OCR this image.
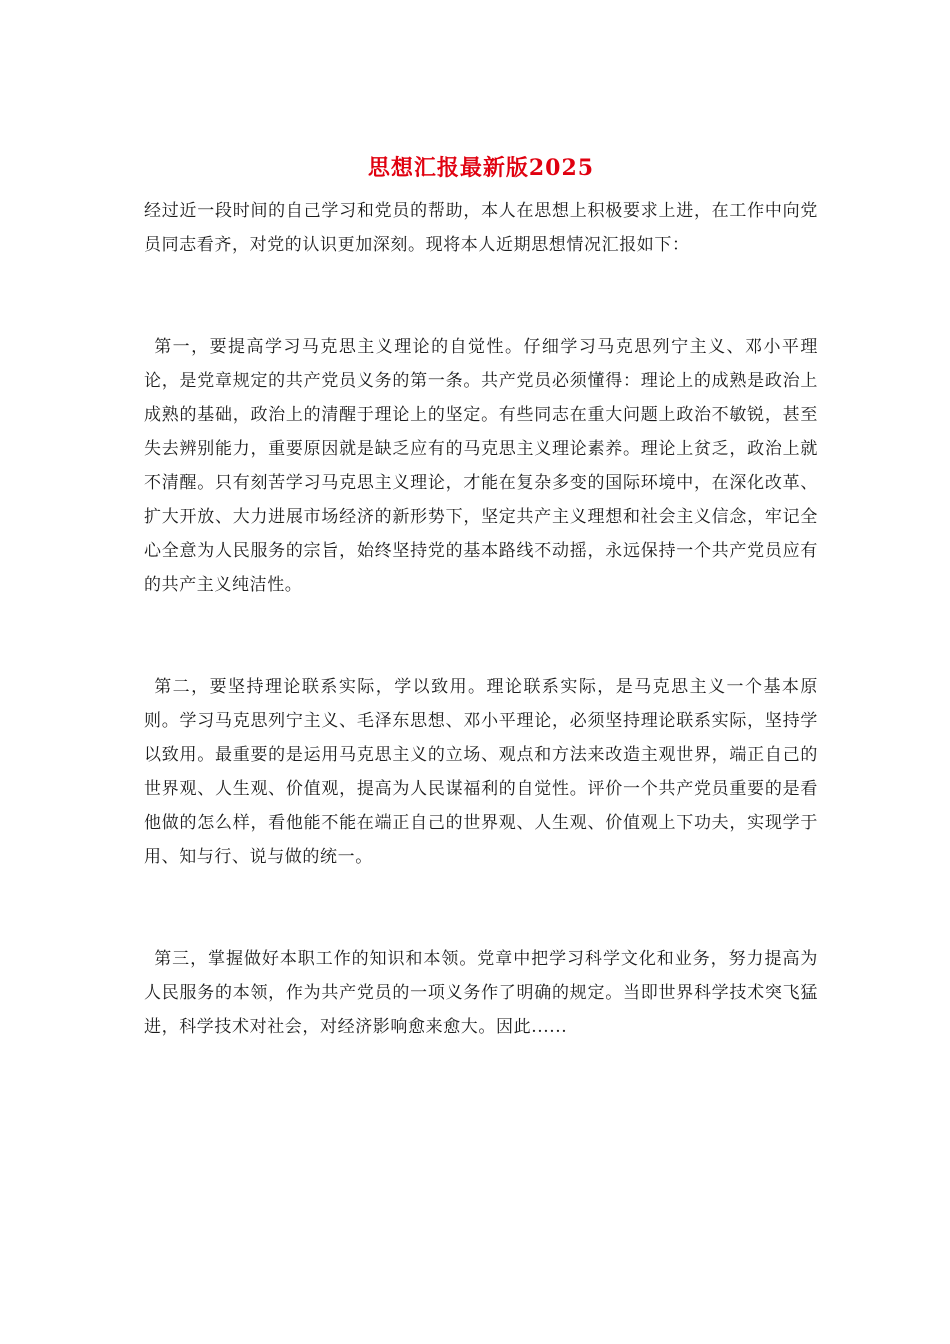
思想汇报最新版2025

经过近一段时间的自己学习和党员的帮助，本人在思想上积极要求上进，在工作中向党员同志看齐，对党的认识更加深刻。现将本人近期思想情况汇报如下：

第一，要提高学习马克思主义理论的自觉性。仔细学习马克思列宁主义、邓小平理论，是党章规定的共产党员义务的第一条。共产党员必须懂得：理论上的成熟是政治上成熟的基础，政治上的清醒于理论上的坚定。有些同志在重大问题上政治不敏锐，甚至失去辨别能力，重要原因就是缺乏应有的马克思主义理论素养。理论上贫乏，政治上就不清醒。只有刻苦学习马克思主义理论，才能在复杂多变的国际环境中，在深化改革、扩大开放、大力进展市场经济的新形势下，坚定共产主义理想和社会主义信念，牢记全心全意为人民服务的宗旨，始终坚持党的基本路线不动摇，永远保持一个共产党员应有的共产主义纯洁性。

第二，要坚持理论联系实际，学以致用。理论联系实际，是马克思主义一个基本原则。学习马克思列宁主义、毛泽东思想、邓小平理论，必须坚持理论联系实际，坚持学以致用。最重要的是运用马克思主义的立场、观点和方法来改造主观世界，端正自己的世界观、人生观、价值观，提高为人民谋福利的自觉性。评价一个共产党员重要的是看他做的怎么样，看他能不能在端正自己的世界观、人生观、价值观上下功夫，实现学于用、知与行、说与做的统一。

第三，掌握做好本职工作的知识和本领。党章中把学习科学文化和业务，努力提高为人民服务的本领，作为共产党员的一项义务作了明确的规定。当即世界科学技术突飞猛进，科学技术对社会，对经济影响愈来愈大。因此......
